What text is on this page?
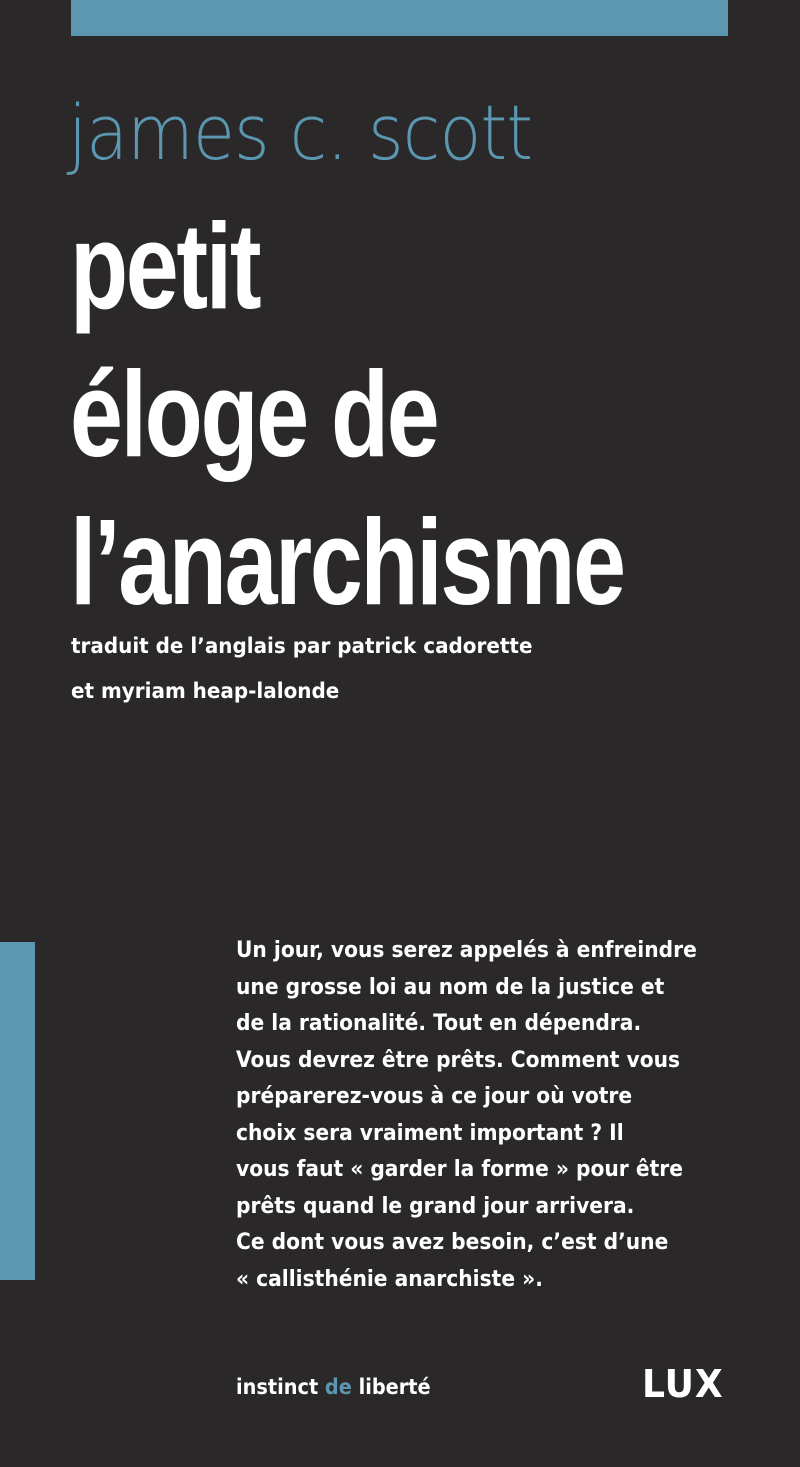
james c. scott
petit
éloge de
l’anarchisme
traduit de l’anglais par patrick cadorette
et myriam heap-lalonde
Un jour, vous serez appelés à enfreindre
une grosse loi au nom de la justice et
de la rationalité. Tout en dépendra.
Vous devrez être prêts. Comment vous
préparerez-vous à ce jour où votre
choix sera vraiment important ? Il
vous faut « garder la forme » pour être
prêts quand le grand jour arrivera.
Ce dont vous avez besoin, c’est d’une
« callisthénie anarchiste ».
instinct de liberté	LUX
